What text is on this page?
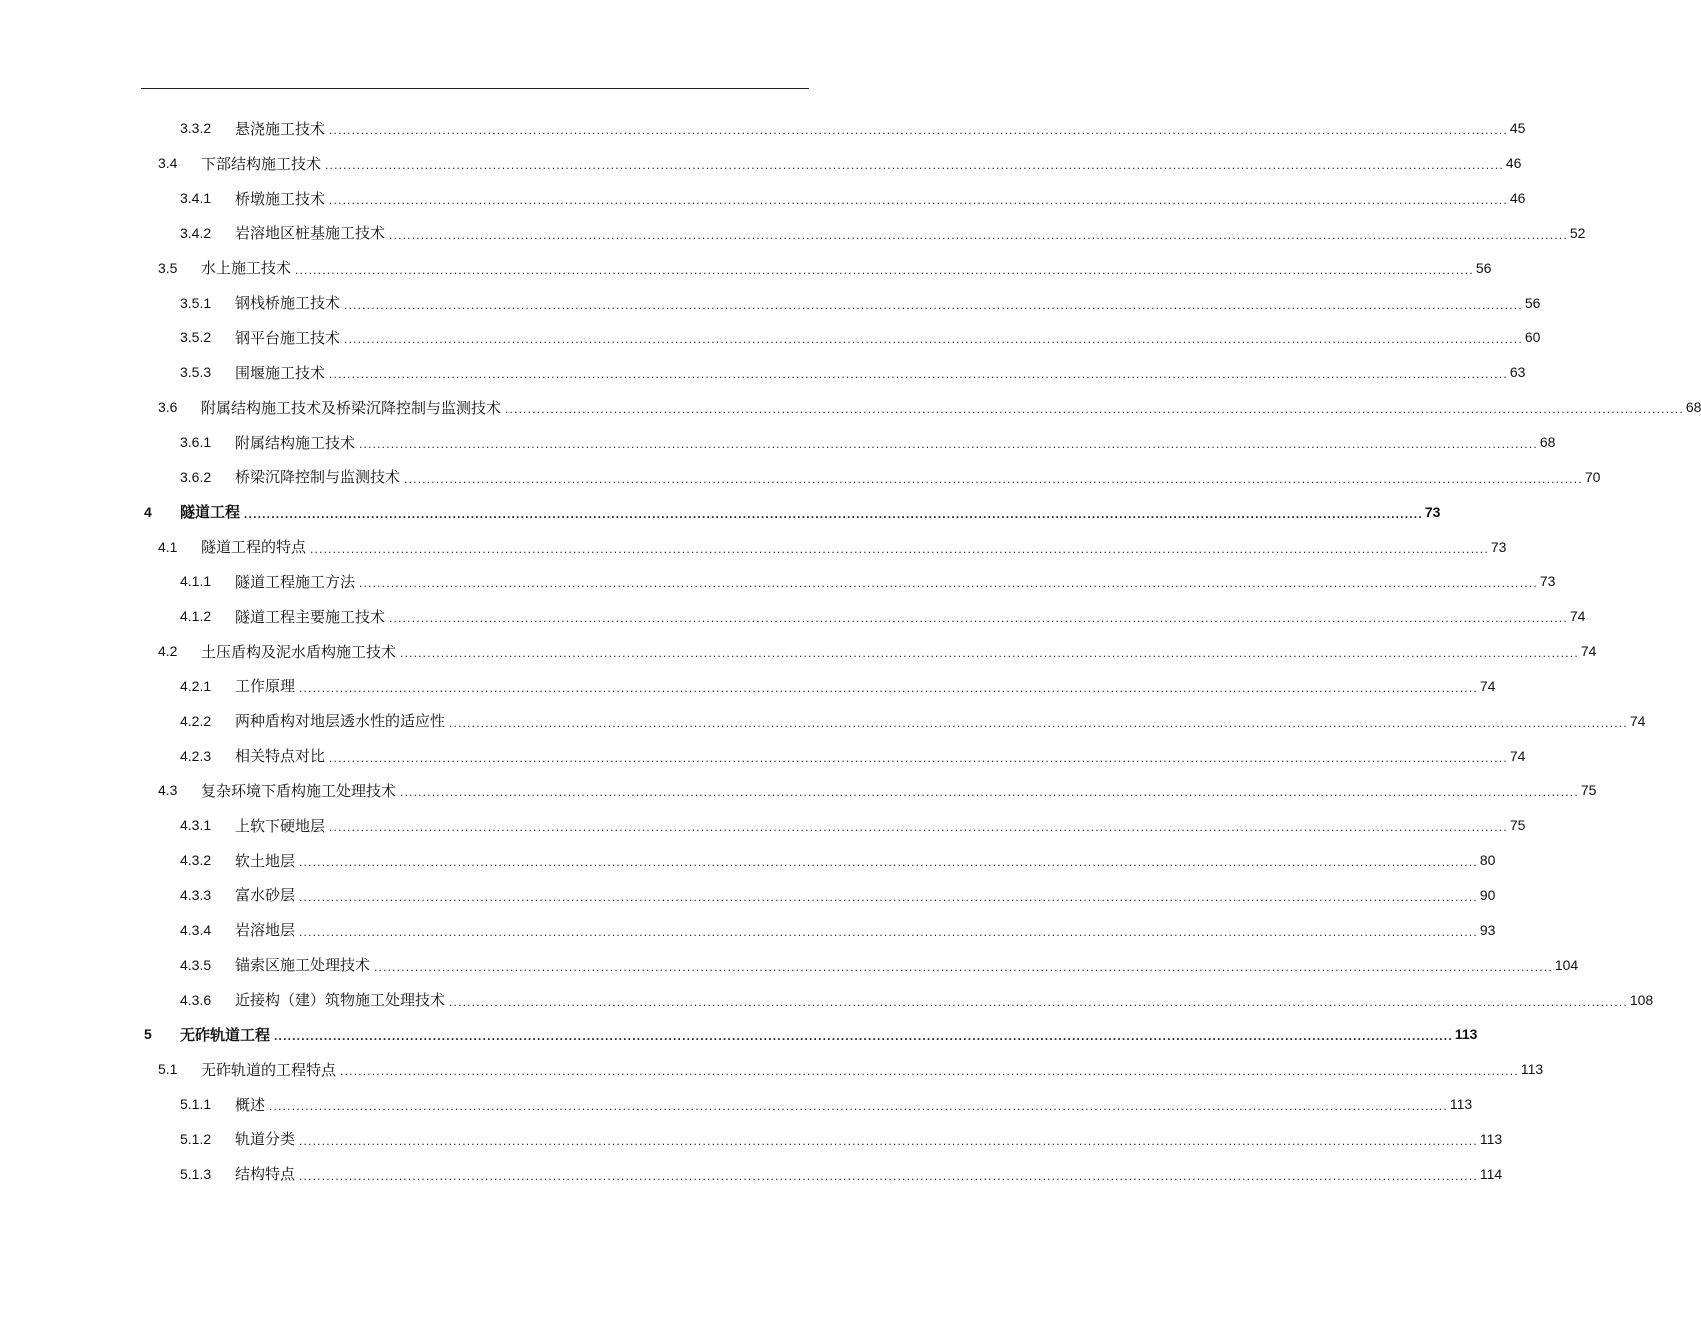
3.3.2	悬浇施工技术 .................................................................................................................................................................................................................................................................... 45
3.4	下部结构施工技术 .................................................................................................................................................................................................................................................................... 46
3.4.1	桥墩施工技术 .................................................................................................................................................................................................................................................................... 46
3.4.2	岩溶地区桩基施工技术 .................................................................................................................................................................................................................................................................... 52
3.5	水上施工技术 .................................................................................................................................................................................................................................................................... 56
3.5.1	钢栈桥施工技术 .................................................................................................................................................................................................................................................................... 56
3.5.2	钢平台施工技术 .................................................................................................................................................................................................................................................................... 60
3.5.3	围堰施工技术 .................................................................................................................................................................................................................................................................... 63
3.6	附属结构施工技术及桥梁沉降控制与监测技术 .................................................................................................................................................................................................................................................................... 68
3.6.1	附属结构施工技术 .................................................................................................................................................................................................................................................................... 68
3.6.2	桥梁沉降控制与监测技术 .................................................................................................................................................................................................................................................................... 70
4	隧道工程 .................................................................................................................................................................................................................................................................... 73
4.1	隧道工程的特点 .................................................................................................................................................................................................................................................................... 73
4.1.1	隧道工程施工方法 .................................................................................................................................................................................................................................................................... 73
4.1.2	隧道工程主要施工技术 .................................................................................................................................................................................................................................................................... 74
4.2	土压盾构及泥水盾构施工技术 .................................................................................................................................................................................................................................................................... 74
4.2.1	工作原理 .................................................................................................................................................................................................................................................................... 74
4.2.2	两种盾构对地层透水性的适应性 .................................................................................................................................................................................................................................................................... 74
4.2.3	相关特点对比 .................................................................................................................................................................................................................................................................... 74
4.3	复杂环境下盾构施工处理技术 .................................................................................................................................................................................................................................................................... 75
4.3.1	上软下硬地层 .................................................................................................................................................................................................................................................................... 75
4.3.2	软土地层 .................................................................................................................................................................................................................................................................... 80
4.3.3	富水砂层 .................................................................................................................................................................................................................................................................... 90
4.3.4	岩溶地层 .................................................................................................................................................................................................................................................................... 93
4.3.5	锚索区施工处理技术 .................................................................................................................................................................................................................................................................... 104
4.3.6	近接构（建）筑物施工处理技术 .................................................................................................................................................................................................................................................................... 108
5	无砟轨道工程 .................................................................................................................................................................................................................................................................... 113
5.1	无砟轨道的工程特点 .................................................................................................................................................................................................................................................................... 113
5.1.1	概述 .................................................................................................................................................................................................................................................................... 113
5.1.2	轨道分类 .................................................................................................................................................................................................................................................................... 113
5.1.3	结构特点 .................................................................................................................................................................................................................................................................... 114
